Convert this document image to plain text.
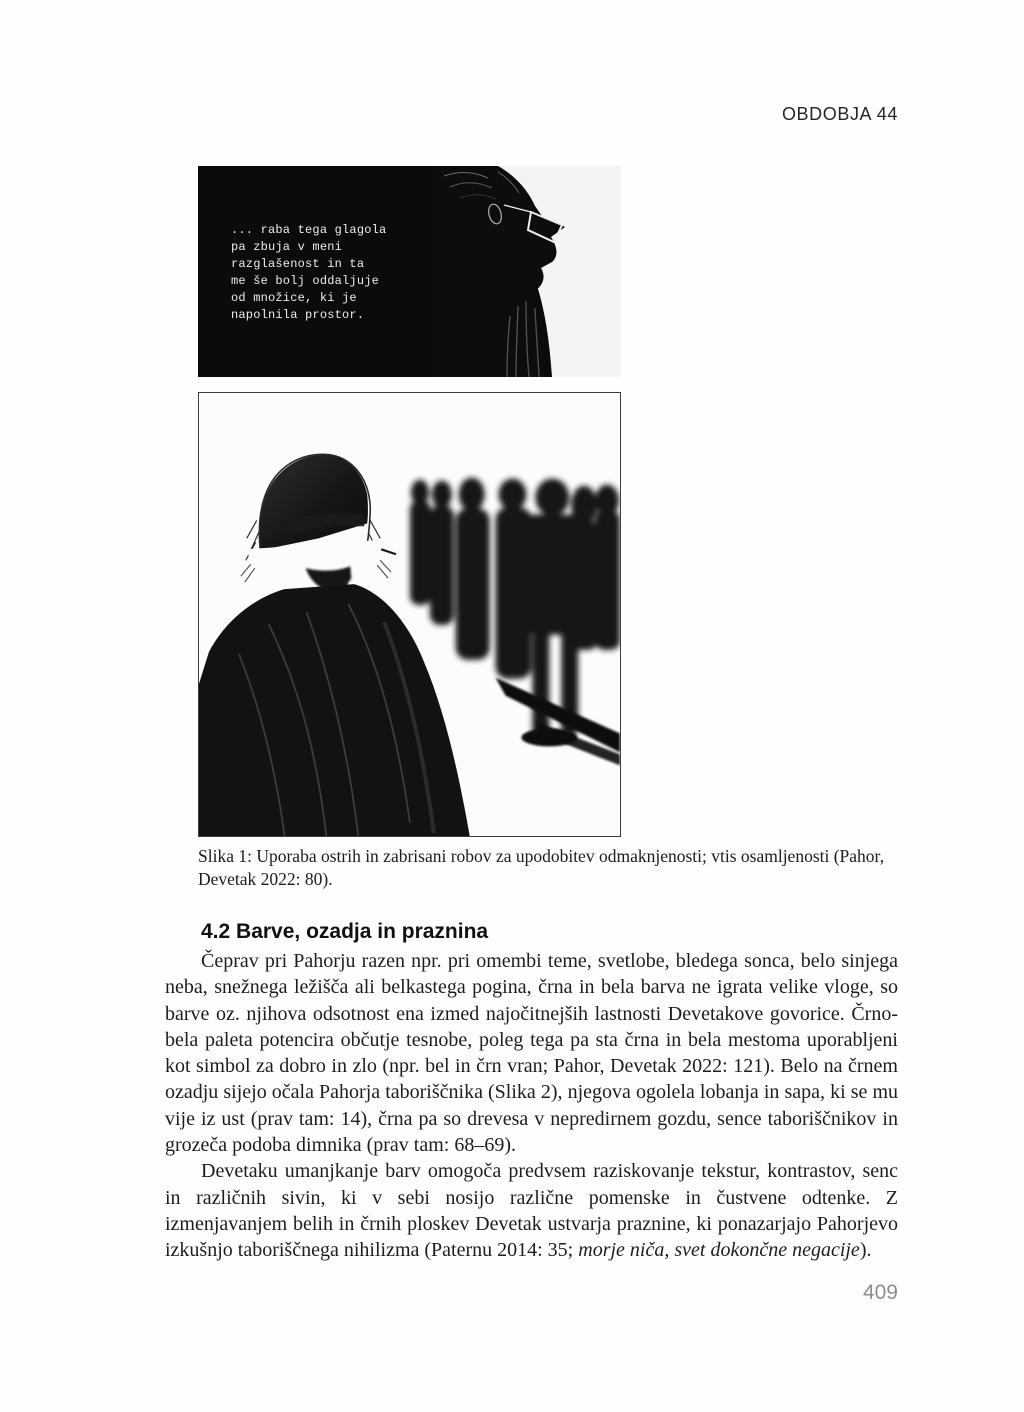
OBDOBJA 44
... raba tega glagola
pa zbuja v meni
razglašenost in ta
me še bolj oddaljuje
od množice, ki je
napolnila prostor.
Slika 1: Uporaba ostrih in zabrisani robov za upodobitev odmaknjenosti; vtis osamljenosti (Pahor, Devetak 2022: 80).
4.2 Barve, ozadja in praznina

Čeprav pri Pahorju razen npr. pri omembi teme, svetlobe, bledega sonca, belo sinjega neba, snežnega ležišča ali belkastega pogina, črna in bela barva ne igrata velike vloge, so barve oz. njihova odsotnost ena izmed najočitnejših lastnosti Devetakove govorice. Črno-bela paleta potencira občutje tesnobe, poleg tega pa sta črna in bela mestoma uporabljeni kot simbol za dobro in zlo (npr. bel in črn vran; Pahor, Devetak 2022: 121). Belo na črnem ozadju sijejo očala Pahorja taboriščnika (Slika 2), njegova ogolela lobanja in sapa, ki se mu vije iz ust (prav tam: 14), črna pa so drevesa v nepredirnem gozdu, sence taboriščnikov in grozeča podoba dimnika (prav tam: 68–69).

Devetaku umanjkanje barv omogoča predvsem raziskovanje tekstur, kontrastov, senc in različnih sivin, ki v sebi nosijo različne pomenske in čustvene odtenke. Z izmenjavanjem belih in črnih ploskev Devetak ustvarja praznine, ki ponazarjajo Pahorjevo izkušnjo taboriščnega nihilizma (Paternu 2014: 35; morje niča, svet dokončne negacije).

409
